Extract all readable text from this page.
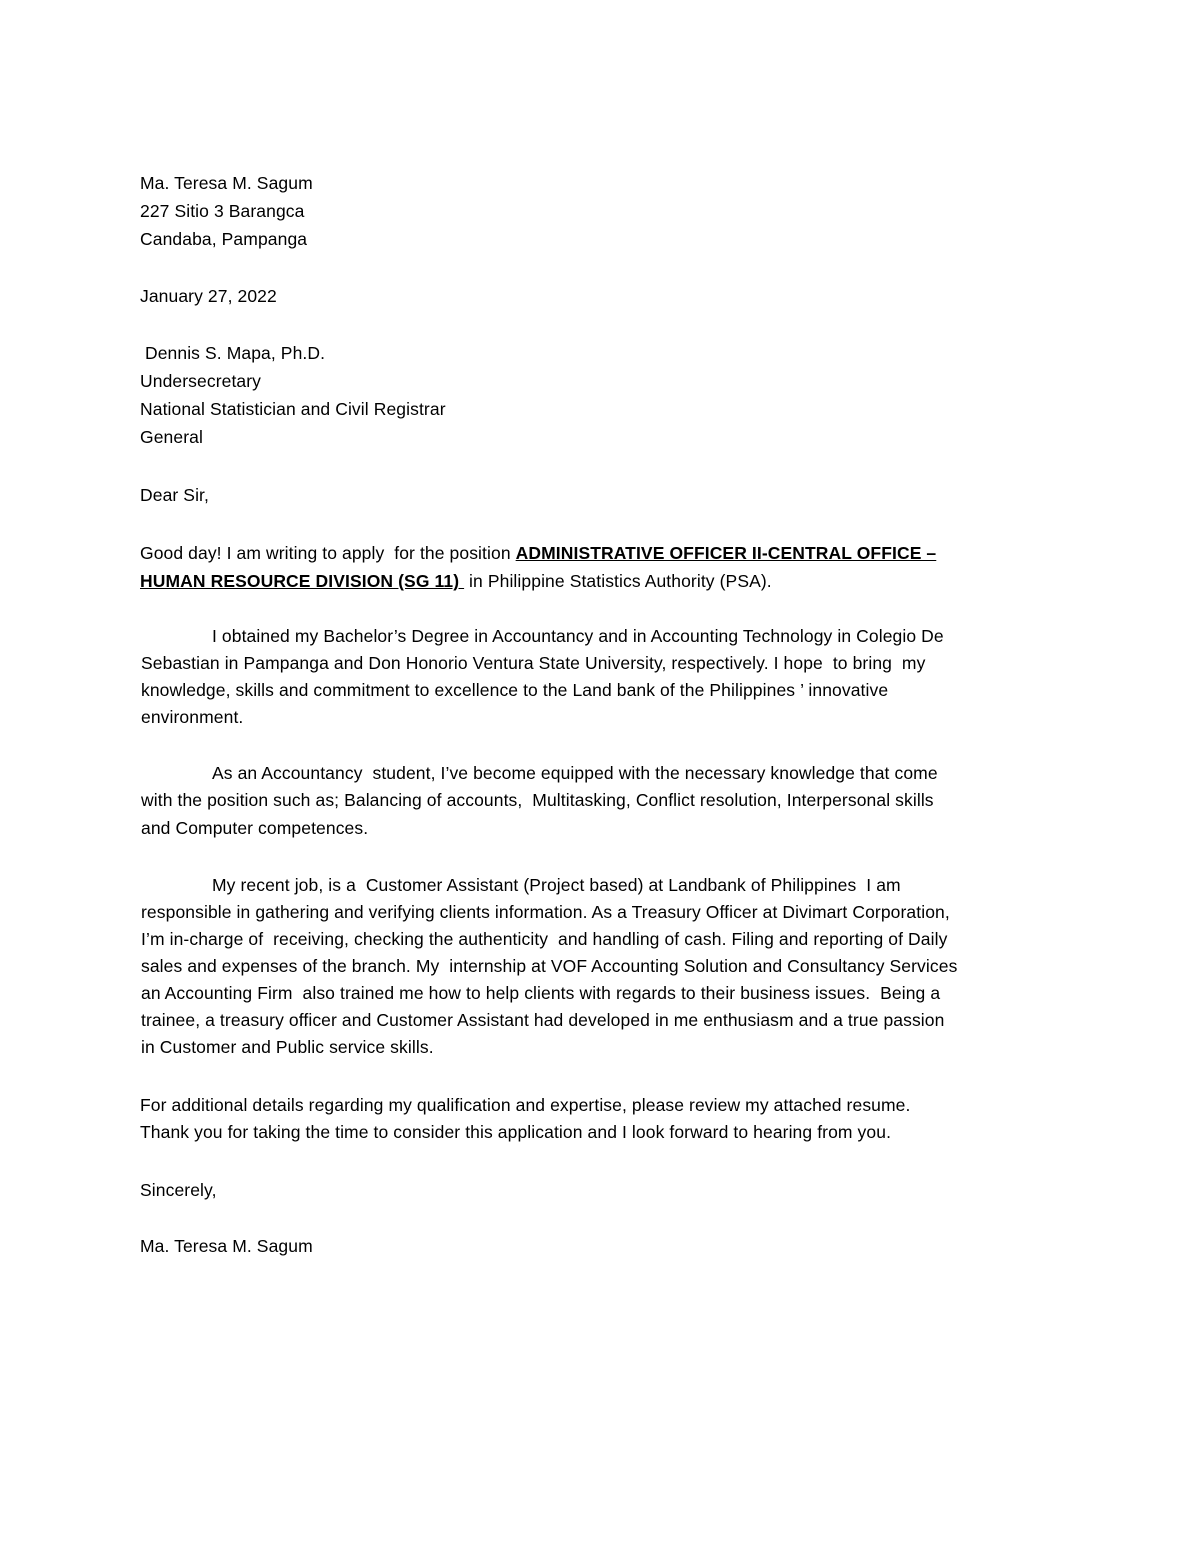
Ma. Teresa M. Sagum
227 Sitio 3 Barangca
Candaba, Pampanga
January 27, 2022
Dennis S. Mapa, Ph.D.
Undersecretary
National Statistician and Civil Registrar
General
Dear Sir,
Good day! I am writing to apply  for the position ADMINISTRATIVE OFFICER II-CENTRAL OFFICE –
HUMAN RESOURCE DIVISION (SG 11)  in Philippine Statistics Authority (PSA).
I obtained my Bachelor’s Degree in Accountancy and in Accounting Technology in Colegio De
Sebastian in Pampanga and Don Honorio Ventura State University, respectively. I hope  to bring  my
knowledge, skills and commitment to excellence to the Land bank of the Philippines ’ innovative
environment.
As an Accountancy  student, I’ve become equipped with the necessary knowledge that come
with the position such as; Balancing of accounts,  Multitasking, Conflict resolution, Interpersonal skills
and Computer competences.
My recent job, is a  Customer Assistant (Project based) at Landbank of Philippines  I am
responsible in gathering and verifying clients information. As a Treasury Officer at Divimart Corporation,
I’m in-charge of  receiving, checking the authenticity  and handling of cash. Filing and reporting of Daily
sales and expenses of the branch. My  internship at VOF Accounting Solution and Consultancy Services
an Accounting Firm  also trained me how to help clients with regards to their business issues.  Being a
trainee, a treasury officer and Customer Assistant had developed in me enthusiasm and a true passion
in Customer and Public service skills.
For additional details regarding my qualification and expertise, please review my attached resume.
Thank you for taking the time to consider this application and I look forward to hearing from you.
Sincerely,
Ma. Teresa M. Sagum
